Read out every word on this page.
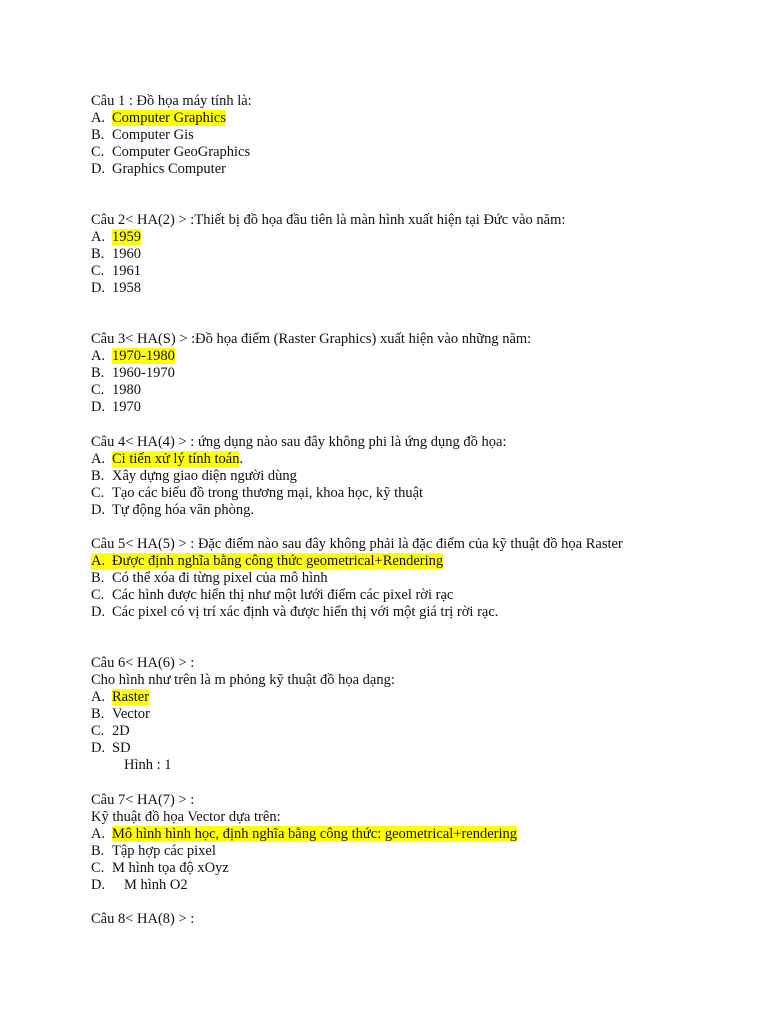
Câu 1 : Đồ họa máy tính là:
A. Computer Graphics
B. Computer Gis
C. Computer GeoGraphics
D. Graphics Computer
Câu 2< HA(2) > :Thiết bị đồ họa đầu tiên là màn hình xuất hiện tại Đức vào năm:
A. 1959
B. 1960
C. 1961
D. 1958
Câu 3< HA(S) > :Đồ họa điểm (Raster Graphics) xuất hiện vào những năm:
A. 1970-1980
B. 1960-1970
C. 1980
D. 1970
Câu 4< HA(4) > : ứng dụng nào sau đây không phi là ứng dụng đồ họa:
A. Ci tiến xử lý tính toán.
B. Xây dựng giao diện người dùng
C. Tạo các biểu đồ trong thương mại, khoa học, kỹ thuật
D. Tự động hóa văn phòng.
Câu 5< HA(5) > : Đặc điểm nào sau đây không phải là đặc điểm của kỹ thuật đồ họa Raster
A. Được định nghĩa bằng công thức geometrical+Rendering
B. Có thể xóa đi từng pixel của mô hình
C. Các hình được hiển thị như một lưới điểm các pixel rời rạc
D. Các pixel có vị trí xác định và được hiển thị với một giá trị rời rạc.
Câu 6< HA(6) > :
Cho hình như trên là m phỏng kỹ thuật đồ họa dạng:
A. Raster
B. Vector
C. 2D
D. SD
Hình : 1
Câu 7< HA(7) > :
Kỹ thuật đồ họa Vector dựa trên:
A. Mô hình hình học, định nghĩa bằng công thức: geometrical+rendering
B. Tập hợp các pixel
C. M hình tọa độ xOyz
D. M hình O2
Câu 8< HA(8) > :
